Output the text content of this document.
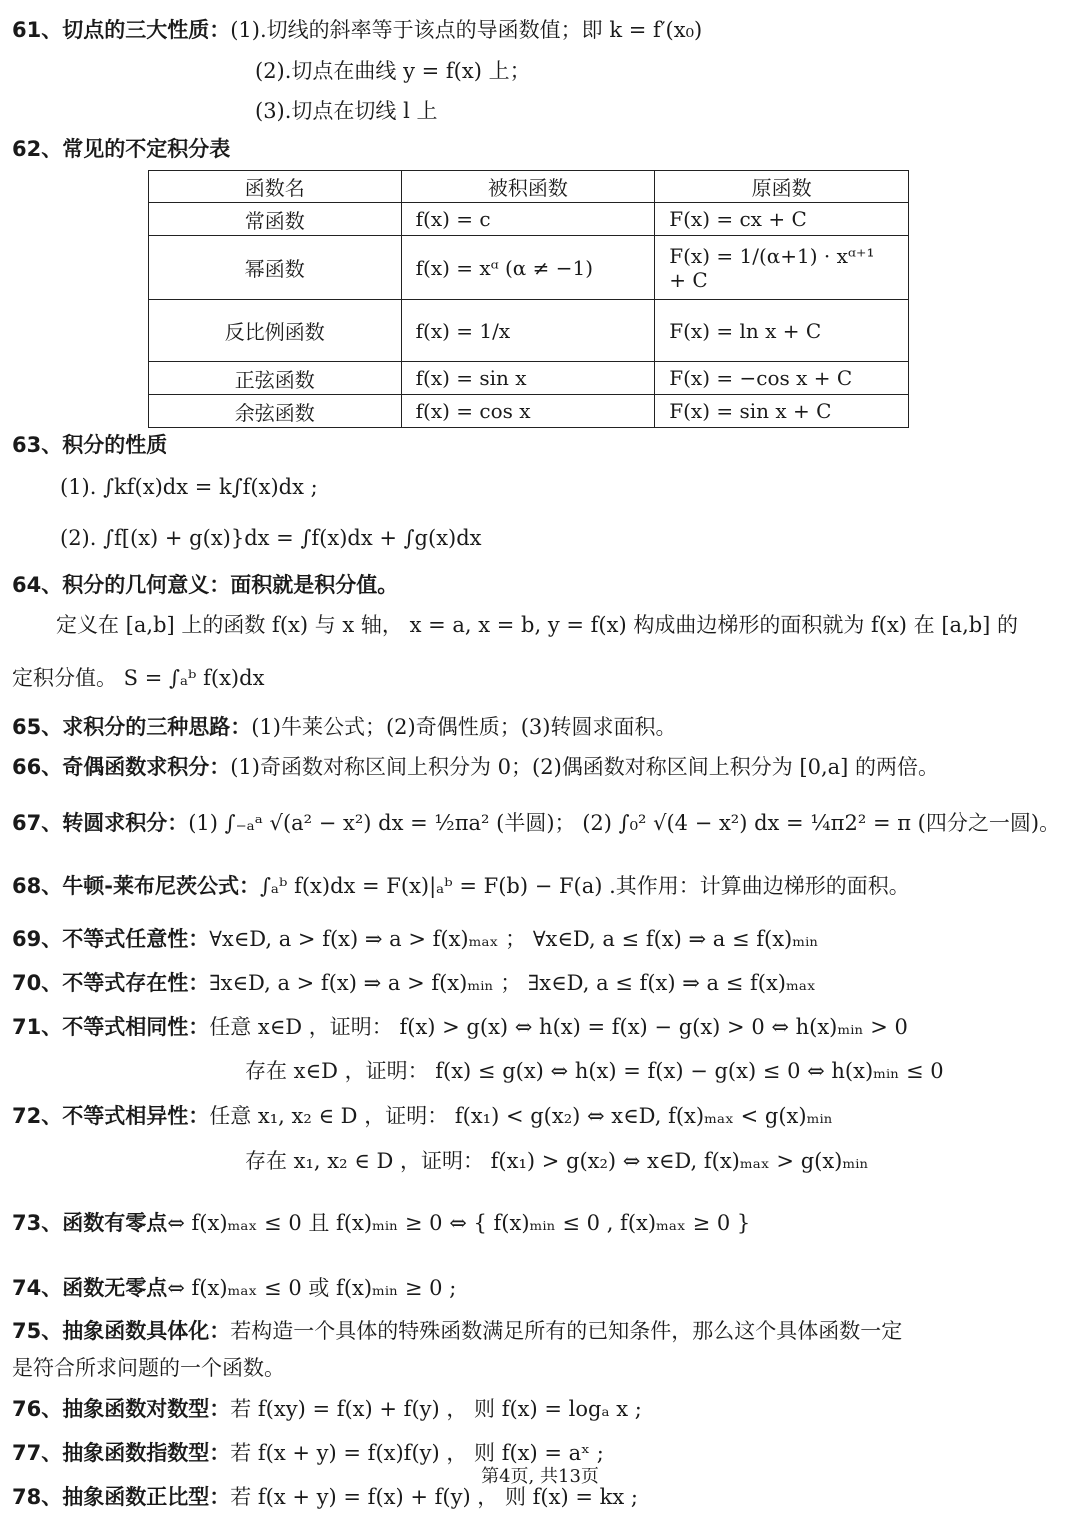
61、切点的三大性质：(1).切线的斜率等于该点的导函数值；即 k = f′(x₀)
(2).切点在曲线 y = f(x) 上；
(3).切点在切线 l 上
62、常见的不定积分表
函数名	被积函数	原函数
常函数	f(x) = c	F(x) = cx + C
幂函数	f(x) = xᵅ (α ≠ −1)	F(x) = 1/(α+1) · xᵅ⁺¹ + C
反比例函数	f(x) = 1/x	F(x) = ln x + C
正弦函数	f(x) = sin x	F(x) = −cos x + C
余弦函数	f(x) = cos x	F(x) = sin x + C
63、积分的性质
(1). ∫kf(x)dx = k∫f(x)dx ;
(2). ∫f[(x) + g(x)}dx = ∫f(x)dx + ∫g(x)dx
64、积分的几何意义：面积就是积分值。
定义在 [a,b] 上的函数 f(x) 与 x 轴， x = a, x = b, y = f(x) 构成曲边梯形的面积就为 f(x) 在 [a,b] 的
定积分值。 S = ∫ₐᵇ f(x)dx
65、求积分的三种思路：(1)牛莱公式；(2)奇偶性质；(3)转圆求面积。
66、奇偶函数求积分：(1)奇函数对称区间上积分为 0；(2)偶函数对称区间上积分为 [0,a] 的两倍。
67、转圆求积分：(1) ∫₋ₐᵃ √(a² − x²) dx = ½πa² (半圆)； (2) ∫₀² √(4 − x²) dx = ¼π2² = π (四分之一圆)。
68、牛顿-莱布尼茨公式：∫ₐᵇ f(x)dx = F(x)|ₐᵇ = F(b) − F(a) .其作用：计算曲边梯形的面积。
69、不等式任意性：∀x∈D, a > f(x) ⇒ a > f(x)ₘₐₓ ； ∀x∈D, a ≤ f(x) ⇒ a ≤ f(x)ₘᵢₙ
70、不等式存在性：∃x∈D, a > f(x) ⇒ a > f(x)ₘᵢₙ ； ∃x∈D, a ≤ f(x) ⇒ a ≤ f(x)ₘₐₓ
71、不等式相同性：任意 x∈D ，证明： f(x) > g(x) ⇔ h(x) = f(x) − g(x) > 0 ⇔ h(x)ₘᵢₙ > 0
存在 x∈D ，证明： f(x) ≤ g(x) ⇔ h(x) = f(x) − g(x) ≤ 0 ⇔ h(x)ₘᵢₙ ≤ 0
72、不等式相异性：任意 x₁, x₂ ∈ D ，证明： f(x₁) < g(x₂) ⇔ x∈D, f(x)ₘₐₓ < g(x)ₘᵢₙ
存在 x₁, x₂ ∈ D ，证明： f(x₁) > g(x₂) ⇔ x∈D, f(x)ₘₐₓ > g(x)ₘᵢₙ
73、函数有零点⇔ f(x)ₘₐₓ ≤ 0 且 f(x)ₘᵢₙ ≥ 0 ⇔ { f(x)ₘᵢₙ ≤ 0 , f(x)ₘₐₓ ≥ 0 }
74、函数无零点⇔ f(x)ₘₐₓ ≤ 0 或 f(x)ₘᵢₙ ≥ 0 ;
75、抽象函数具体化：若构造一个具体的特殊函数满足所有的已知条件，那么这个具体函数一定
是符合所求问题的一个函数。
76、抽象函数对数型：若 f(xy) = f(x) + f(y) ， 则 f(x) = logₐ x ;
77、抽象函数指数型：若 f(x + y) = f(x)f(y) ， 则 f(x) = aˣ ;
78、抽象函数正比型：若 f(x + y) = f(x) + f(y) ， 则 f(x) = kx ;
第4页, 共13页
